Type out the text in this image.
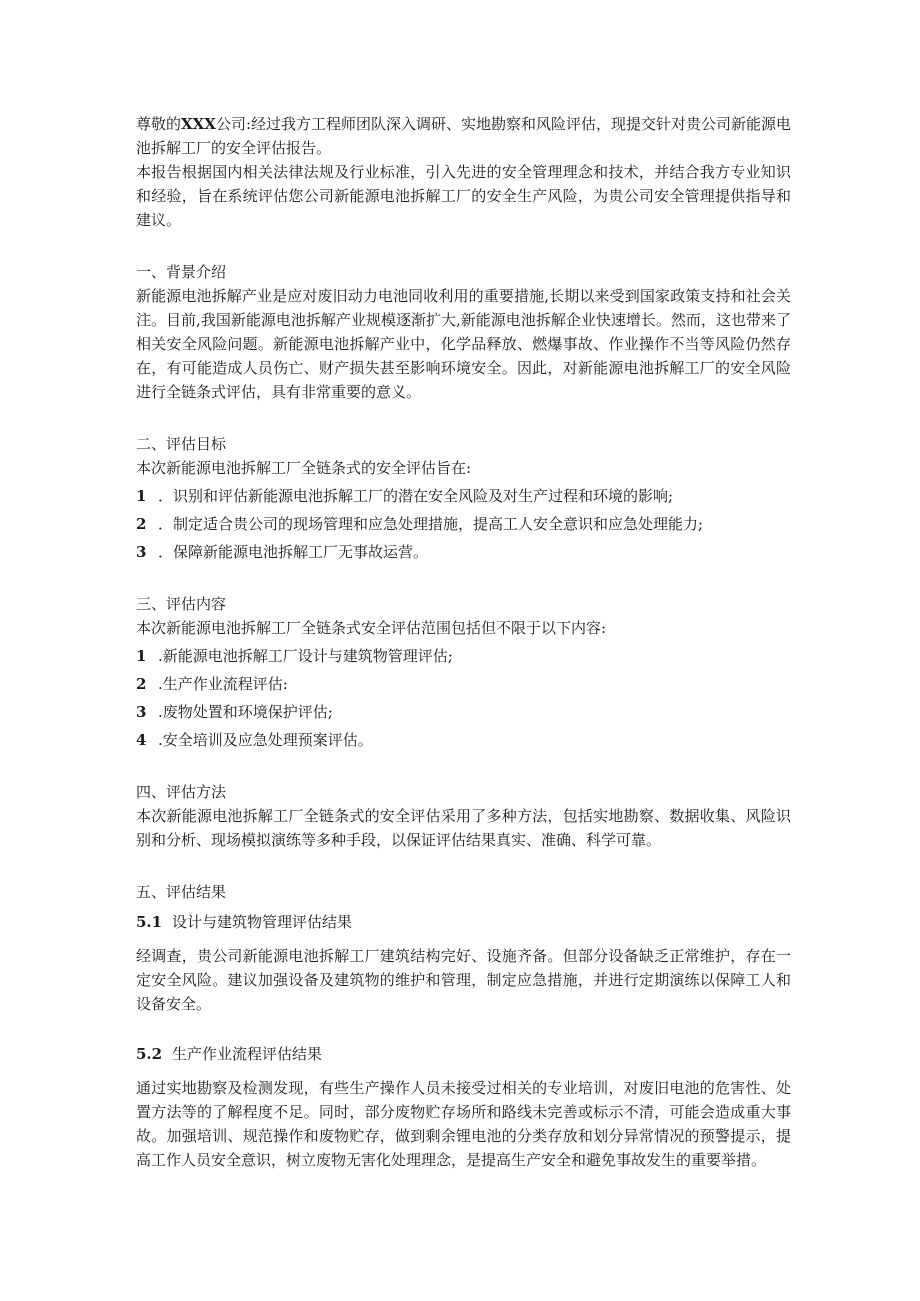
尊敬的XXX公司:经过我方工程师团队深入调研、实地勘察和风险评估，现提交针对贵公司新能源电池拆解工厂的安全评估报告。

本报告根据国内相关法律法规及行业标准，引入先进的安全管理理念和技术，并结合我方专业知识和经验，旨在系统评估您公司新能源电池拆解工厂的安全生产风险，为贵公司安全管理提供指导和建议。

一、背景介绍

新能源电池拆解产业是应对废旧动力电池同收利用的重要措施,长期以来受到国家政策支持和社会关注。目前,我国新能源电池拆解产业规模逐渐扩大,新能源电池拆解企业快速增长。然而，这也带来了相关安全风险问题。新能源电池拆解产业中，化学品释放、燃爆事故、作业操作不当等风险仍然存在，有可能造成人员伤亡、财产损失甚至影响环境安全。因此，对新能源电池拆解工厂的安全风险进行全链条式评估，具有非常重要的意义。

二、评估目标

本次新能源电池拆解工厂全链条式的安全评估旨在:

1 ．识别和评估新能源电池拆解工厂的潜在安全风险及对生产过程和环境的影响;
2 ．制定适合贵公司的现场管理和应急处理措施，提高工人安全意识和应急处理能力;
3 ．保障新能源电池拆解工厂无事故运营。

三、评估内容

本次新能源电池拆解工厂全链条式安全评估范围包括但不限于以下内容:

1 .新能源电池拆解工厂设计与建筑物管理评估;
2 .生产作业流程评估:
3 .废物处置和环境保护评估;
4 .安全培训及应急处理预案评估。

四、评估方法

本次新能源电池拆解工厂全链条式的安全评估采用了多种方法，包括实地勘察、数据收集、风险识别和分析、现场模拟演练等多种手段，以保证评估结果真实、准确、科学可靠。

五、评估结果

5.1 设计与建筑物管理评估结果

经调查，贵公司新能源电池拆解工厂建筑结构完好、设施齐备。但部分设备缺乏正常维护，存在一定安全风险。建议加强设备及建筑物的维护和管理，制定应急措施，并进行定期演练以保障工人和设备安全。

5.2 生产作业流程评估结果

通过实地勘察及检测发现，有些生产操作人员未接受过相关的专业培训，对废旧电池的危害性、处置方法等的了解程度不足。同时，部分废物贮存场所和路线未完善或标示不清，可能会造成重大事故。加强培训、规范操作和废物贮存，做到剩余锂电池的分类存放和划分异常情况的预警提示，提高工作人员安全意识，树立废物无害化处理理念，是提高生产安全和避免事故发生的重要举措。
